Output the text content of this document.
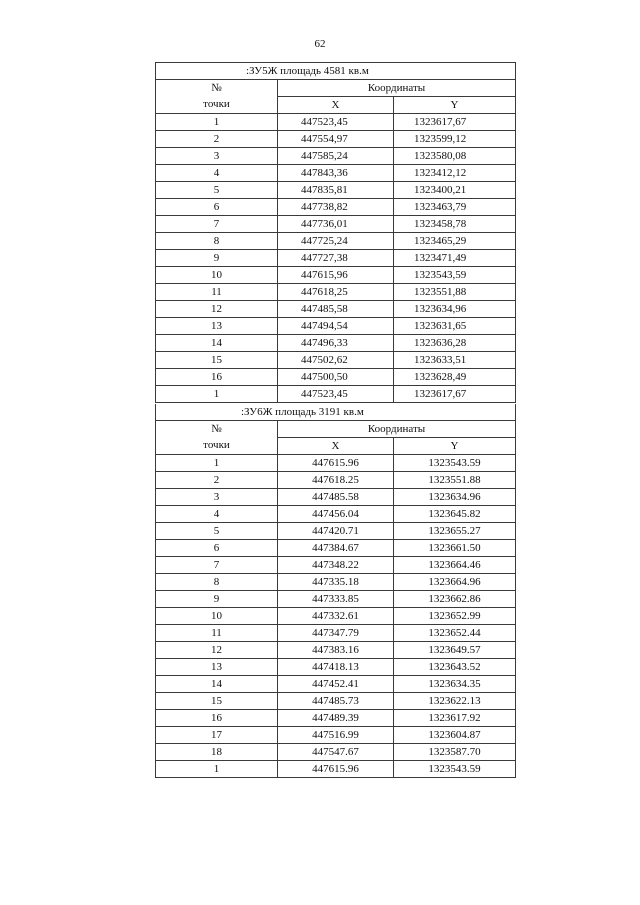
62
:ЗУ5Ж площадь 4581 кв.м		
№	Координаты	
точки	X	Y
1	447523,45	1323617,67
2	447554,97	1323599,12
3	447585,24	1323580,08
4	447843,36	1323412,12
5	447835,81	1323400,21
6	447738,82	1323463,79
7	447736,01	1323458,78
8	447725,24	1323465,29
9	447727,38	1323471,49
10	447615,96	1323543,59
11	447618,25	1323551,88
12	447485,58	1323634,96
13	447494,54	1323631,65
14	447496,33	1323636,28
15	447502,62	1323633,51
16	447500,50	1323628,49
1	447523,45	1323617,67
:ЗУ6Ж площадь 3191 кв.м		
№	Координаты	
точки	X	Y
1	447615.96	1323543.59
2	447618.25	1323551.88
3	447485.58	1323634.96
4	447456.04	1323645.82
5	447420.71	1323655.27
6	447384.67	1323661.50
7	447348.22	1323664.46
8	447335.18	1323664.96
9	447333.85	1323662.86
10	447332.61	1323652.99
11	447347.79	1323652.44
12	447383.16	1323649.57
13	447418.13	1323643.52
14	447452.41	1323634.35
15	447485.73	1323622.13
16	447489.39	1323617.92
17	447516.99	1323604.87
18	447547.67	1323587.70
1	447615.96	1323543.59
